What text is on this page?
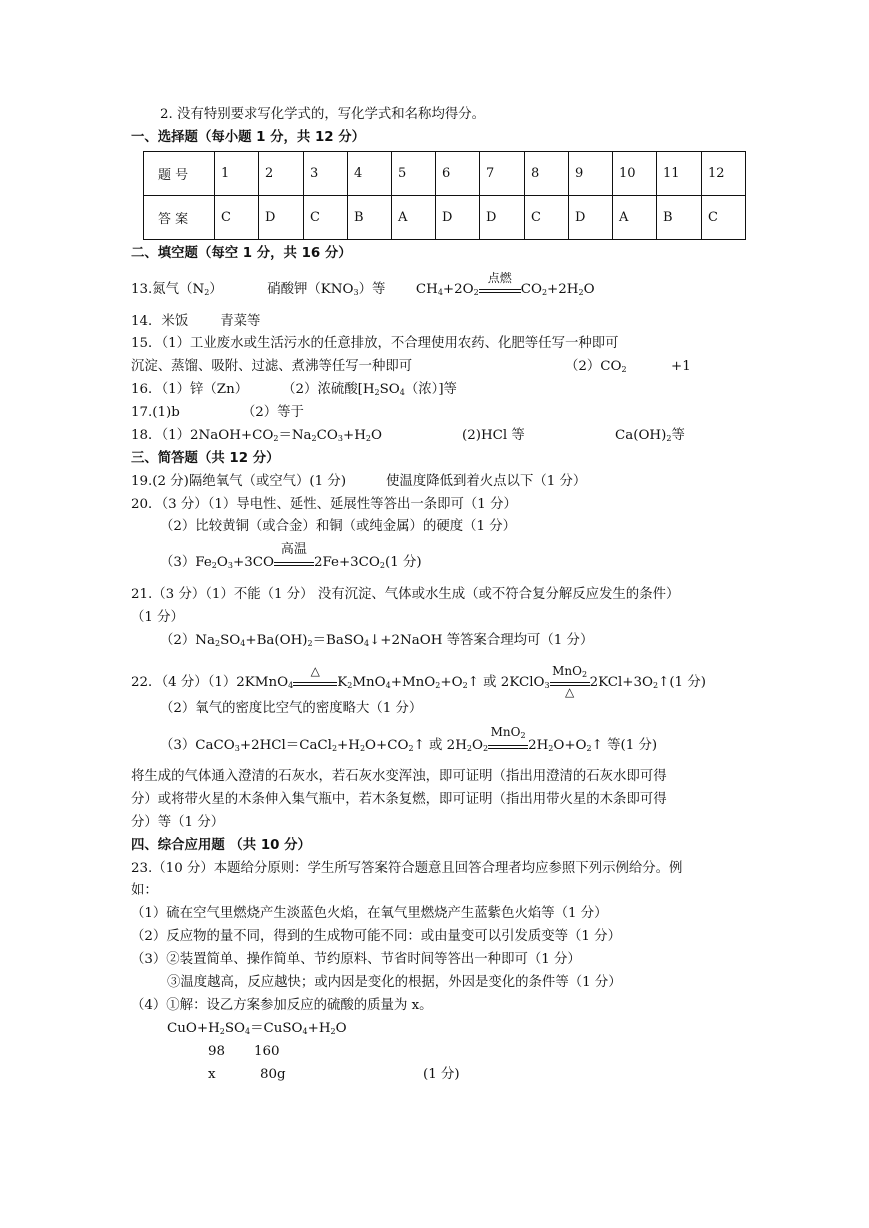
2. 没有特别要求写化学式的，写化学式和名称均得分。
一、选择题（每小题 1 分，共 12 分）
题 号	1	2	3	4	5	6	7	8	9	10	11	12
答 案	C	D	C	B	A	D	D	C	D	A	B	C
二、填空题（每空 1 分，共 16 分）
13.氮气$(N_2)$	硝酸钾$(KNO_3)$等 $CH_4+2O_2$
点燃
$CO_2+2H_2O$
14．米饭 青菜等
15．（1）工业废水或生活污水的任意排放，不合理使用农药、化肥等任写一种即可
沉淀、蒸馏、吸附、过滤、煮沸等任写一种即可	$(2)CO_2$	+1
16．（1）锌（Zn）	（2）浓硫酸[$H_2SO_4$（浓）]等
17.(1)b	（2）等于
18．$(1)2NaOH+CO_2=Na_2CO_3+H_2O$	(2)HCl 等	$Ca(OH)_2$等
三、简答题（共 12 分）
19.(2 分)隔绝氧气（或空气）(1 分)	使温度降低到着火点以下（1 分）
20．（3 分）（1）导电性、延性、延展性等答出一条即可（1 分）
（2）比较黄铜（或合金）和铜（或纯金属）的硬度（1 分）
$(3)Fe_2O_3+3CO$
高温
$2Fe+3CO_2(1$ 分)
21.（3 分）（1）不能（1 分） 没有沉淀、气体或水生成（或不符合复分解反应发生的条件）
（1 分）
$(2)Na_2SO_4+Ba(OH)_2=BaSO_4↓+2NaOH$ 等答案合理均可（1 分）
22．（4 分）（1）2KMnO$_4$
△
$K_2MnO_4+MnO_2+O_2↑$ 或 2KClO$_3$
MnO$_2$
△
$2KCl+3O_2↑(1$ 分)
（2）氧气的密度比空气的密度略大（1 分）
$(3)CaCO_3+2HCl=CaCl_2+H_2O+CO_2↑$ 或 $2H_2O_2$
MnO$_2$
$2H_2O+O_2↑$ 等(1 分)
将生成的气体通入澄清的石灰水，若石灰水变浑浊，即可证明（指出用澄清的石灰水即可得
分）或将带火星的木条伸入集气瓶中，若木条复燃，即可证明（指出用带火星的木条即可得
分）等（1 分）
四、综合应用题 （共 10 分）
23.（10 分）本题给分原则：学生所写答案符合题意且回答合理者均应参照下列示例给分。例
如：
（1）硫在空气里燃烧产生淡蓝色火焰，在氧气里燃烧产生蓝紫色火焰等（1 分）
（2）反应物的量不同，得到的生成物可能不同：或由量变可以引发质变等（1 分）
（3）②装置简单、操作简单、节约原料、节省时间等答出一种即可（1 分）
③温度越高，反应越快；或内因是变化的根据，外因是变化的条件等（1 分）
（4）①解：设乙方案参加反应的硫酸的质量为 x。
$CuO+H_2SO_4=CuSO_4+H_2O$
98 160
x	80g	(1 分)
